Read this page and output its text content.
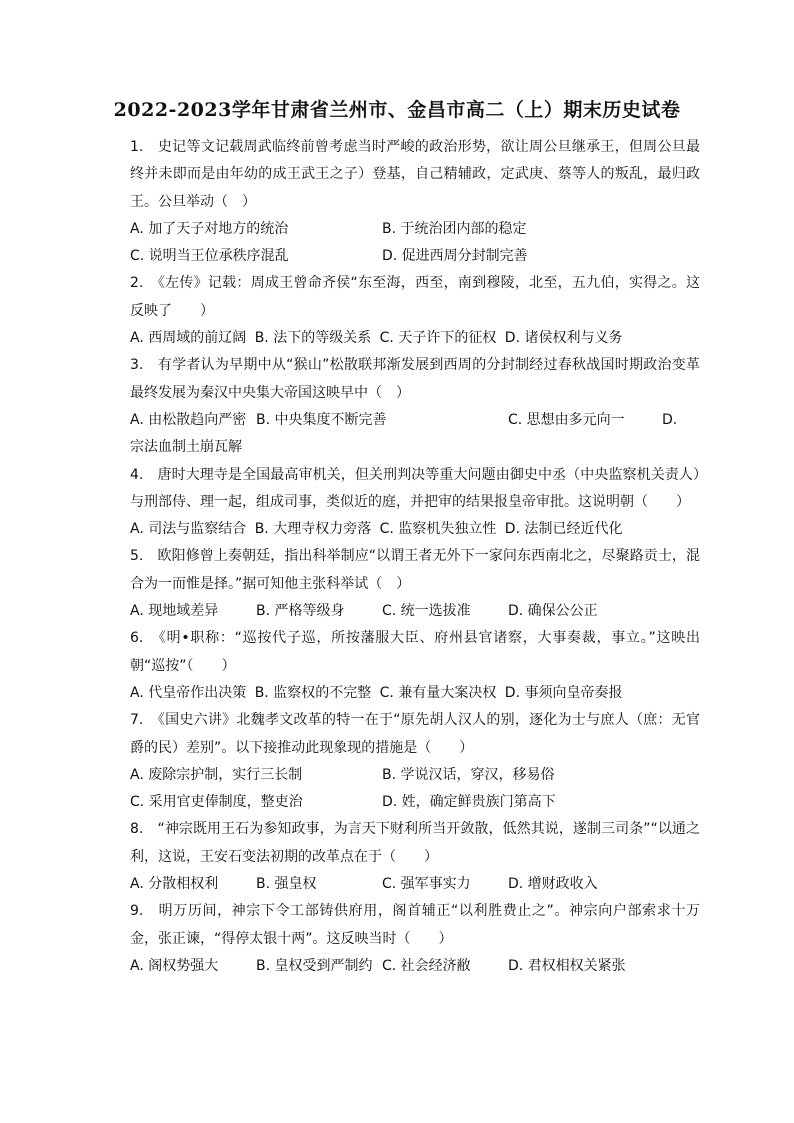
2022-2023学年甘肃省兰州市、金昌市高二（上）期末历史试卷

1.　史记等文记载周武临终前曾考虑当时严峻的政治形势，欲让周公旦继承王，但周公旦最终并未即而是由年幼的成王武王之子）登基，自己精辅政，定武庚、蔡等人的叛乱，最归政王。公旦举动（　）

A. 加了天子对地方的统治	B. 于统治团内部的稳定
C. 说明当王位承秩序混乱	D. 促进西周分封制完善

2.　《左传》记载：周成王曾命齐侯“东至海，西至，南到穆陵，北至，五九伯，实得之。这反映了　　）

A. 西周域的前辽阔 B. 法下的等级关系 C. 天子许下的征权 D. 诸侯权利与义务

3.　有学者认为早期中从“猴山”松散联邦渐发展到西周的分封制经过春秋战国时期政治变革最终发展为秦汉中央集大帝国这映早中（　）

A. 由松散趋向严密 B. 中央集度不断完善	C. 思想由多元向一	D.
宗法血制土崩瓦解

4.　唐时大理寺是全国最高审机关，但关刑判决等重大问题由御史中丞（中央监察机关责人）与刑部侍、理一起，组成司事，类似近的庭，并把审的结果报皇帝审批。这说明朝（　　）

A. 司法与监察结合 B. 大理寺权力旁落 C. 监察机失独立性 D. 法制已经近代化

5.　欧阳修曾上奏朝廷，指出科举制应“以谓王者无外下一家问东西南北之，尽聚路贡士，混合为一而惟是择。”据可知他主张科举试（　）

A. 现地域差异	B. 严格等级身	C. 统一选拔准	D. 确保公公正

6.　《明•职称：“巡按代子巡，所按藩服大臣、府州县官诸察，大事奏裁，事立。”这映出朝“巡按”（　　）

A. 代皇帝作出决策 B. 监察权的不完整 C. 兼有量大案决权 D. 事须向皇帝奏报

7.　《国史六讲》北魏孝文改革的特一在于“原先胡人汉人的别，逐化为士与庶人（庶：无官爵的民）差别”。以下接推动此现象现的措施是（　　）

A. 废除宗护制，实行三长制	B. 学说汉话，穿汉，移易俗
C. 采用官吏俸制度，整吏治	D. 姓，确定鲜贵族门第高下

8.　“神宗既用王石为参知政事，为言天下财利所当开敛散，低然其说，遂制三司条”“以通之利，这说，王安石变法初期的改革点在于（　　）

A. 分散相权利	B. 强皇权	C. 强军事实力	D. 增财政收入

9.　明万历间，神宗下令工部铸供府用，阁首辅正“以利胜费止之”。神宗向户部索求十万金，张正谏，“得停太银十两”。这反映当时（　　）

A. 阁权势强大	B. 皇权受到严制约 C. 社会经济敝	D. 君权相权关紧张
